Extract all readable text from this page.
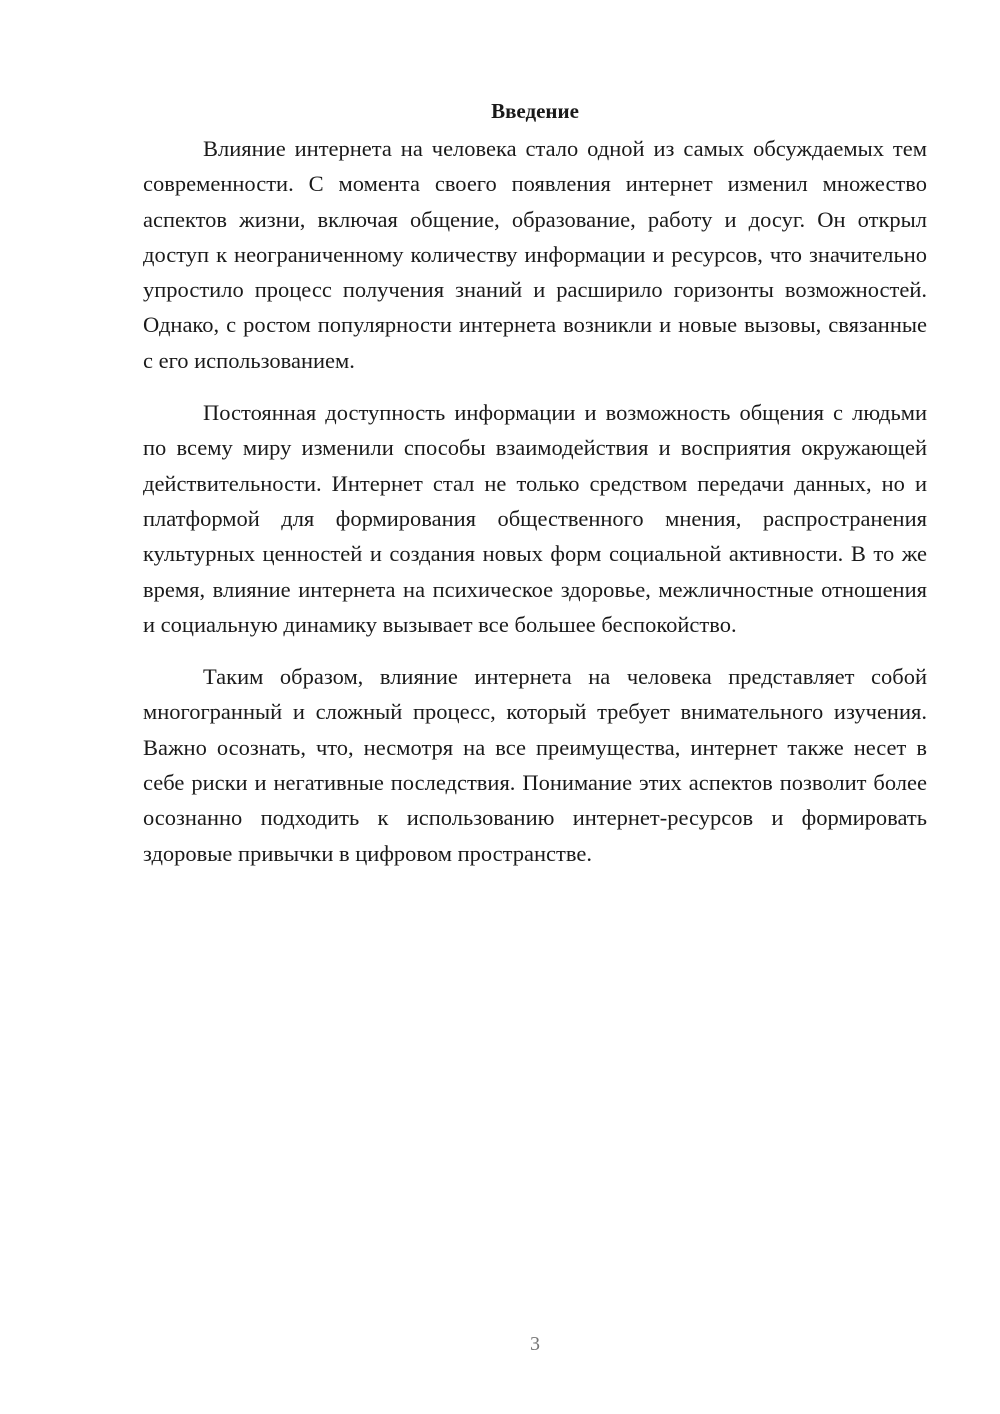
Введение

Влияние интернета на человека стало одной из самых обсуждаемых тем современности. С момента своего появления интернет изменил множество аспектов жизни, включая общение, образование, работу и досуг. Он открыл доступ к неограниченному количеству информации и ресурсов, что значительно упростило процесс получения знаний и расширило горизонты возможностей. Однако, с ростом популярности интернета возникли и новые вызовы, связанные с его использованием.

Постоянная доступность информации и возможность общения с людьми по всему миру изменили способы взаимодействия и восприятия окружающей действительности. Интернет стал не только средством передачи данных, но и платформой для формирования общественного мнения, распространения культурных ценностей и создания новых форм социальной активности. В то же время, влияние интернета на психическое здоровье, межличностные отношения и социальную динамику вызывает все большее беспокойство.

Таким образом, влияние интернета на человека представляет собой многогранный и сложный процесс, который требует внимательного изучения. Важно осознать, что, несмотря на все преимущества, интернет также несет в себе риски и негативные последствия. Понимание этих аспектов позволит более осознанно подходить к использованию интернет-ресурсов и формировать здоровые привычки в цифровом пространстве.

3
